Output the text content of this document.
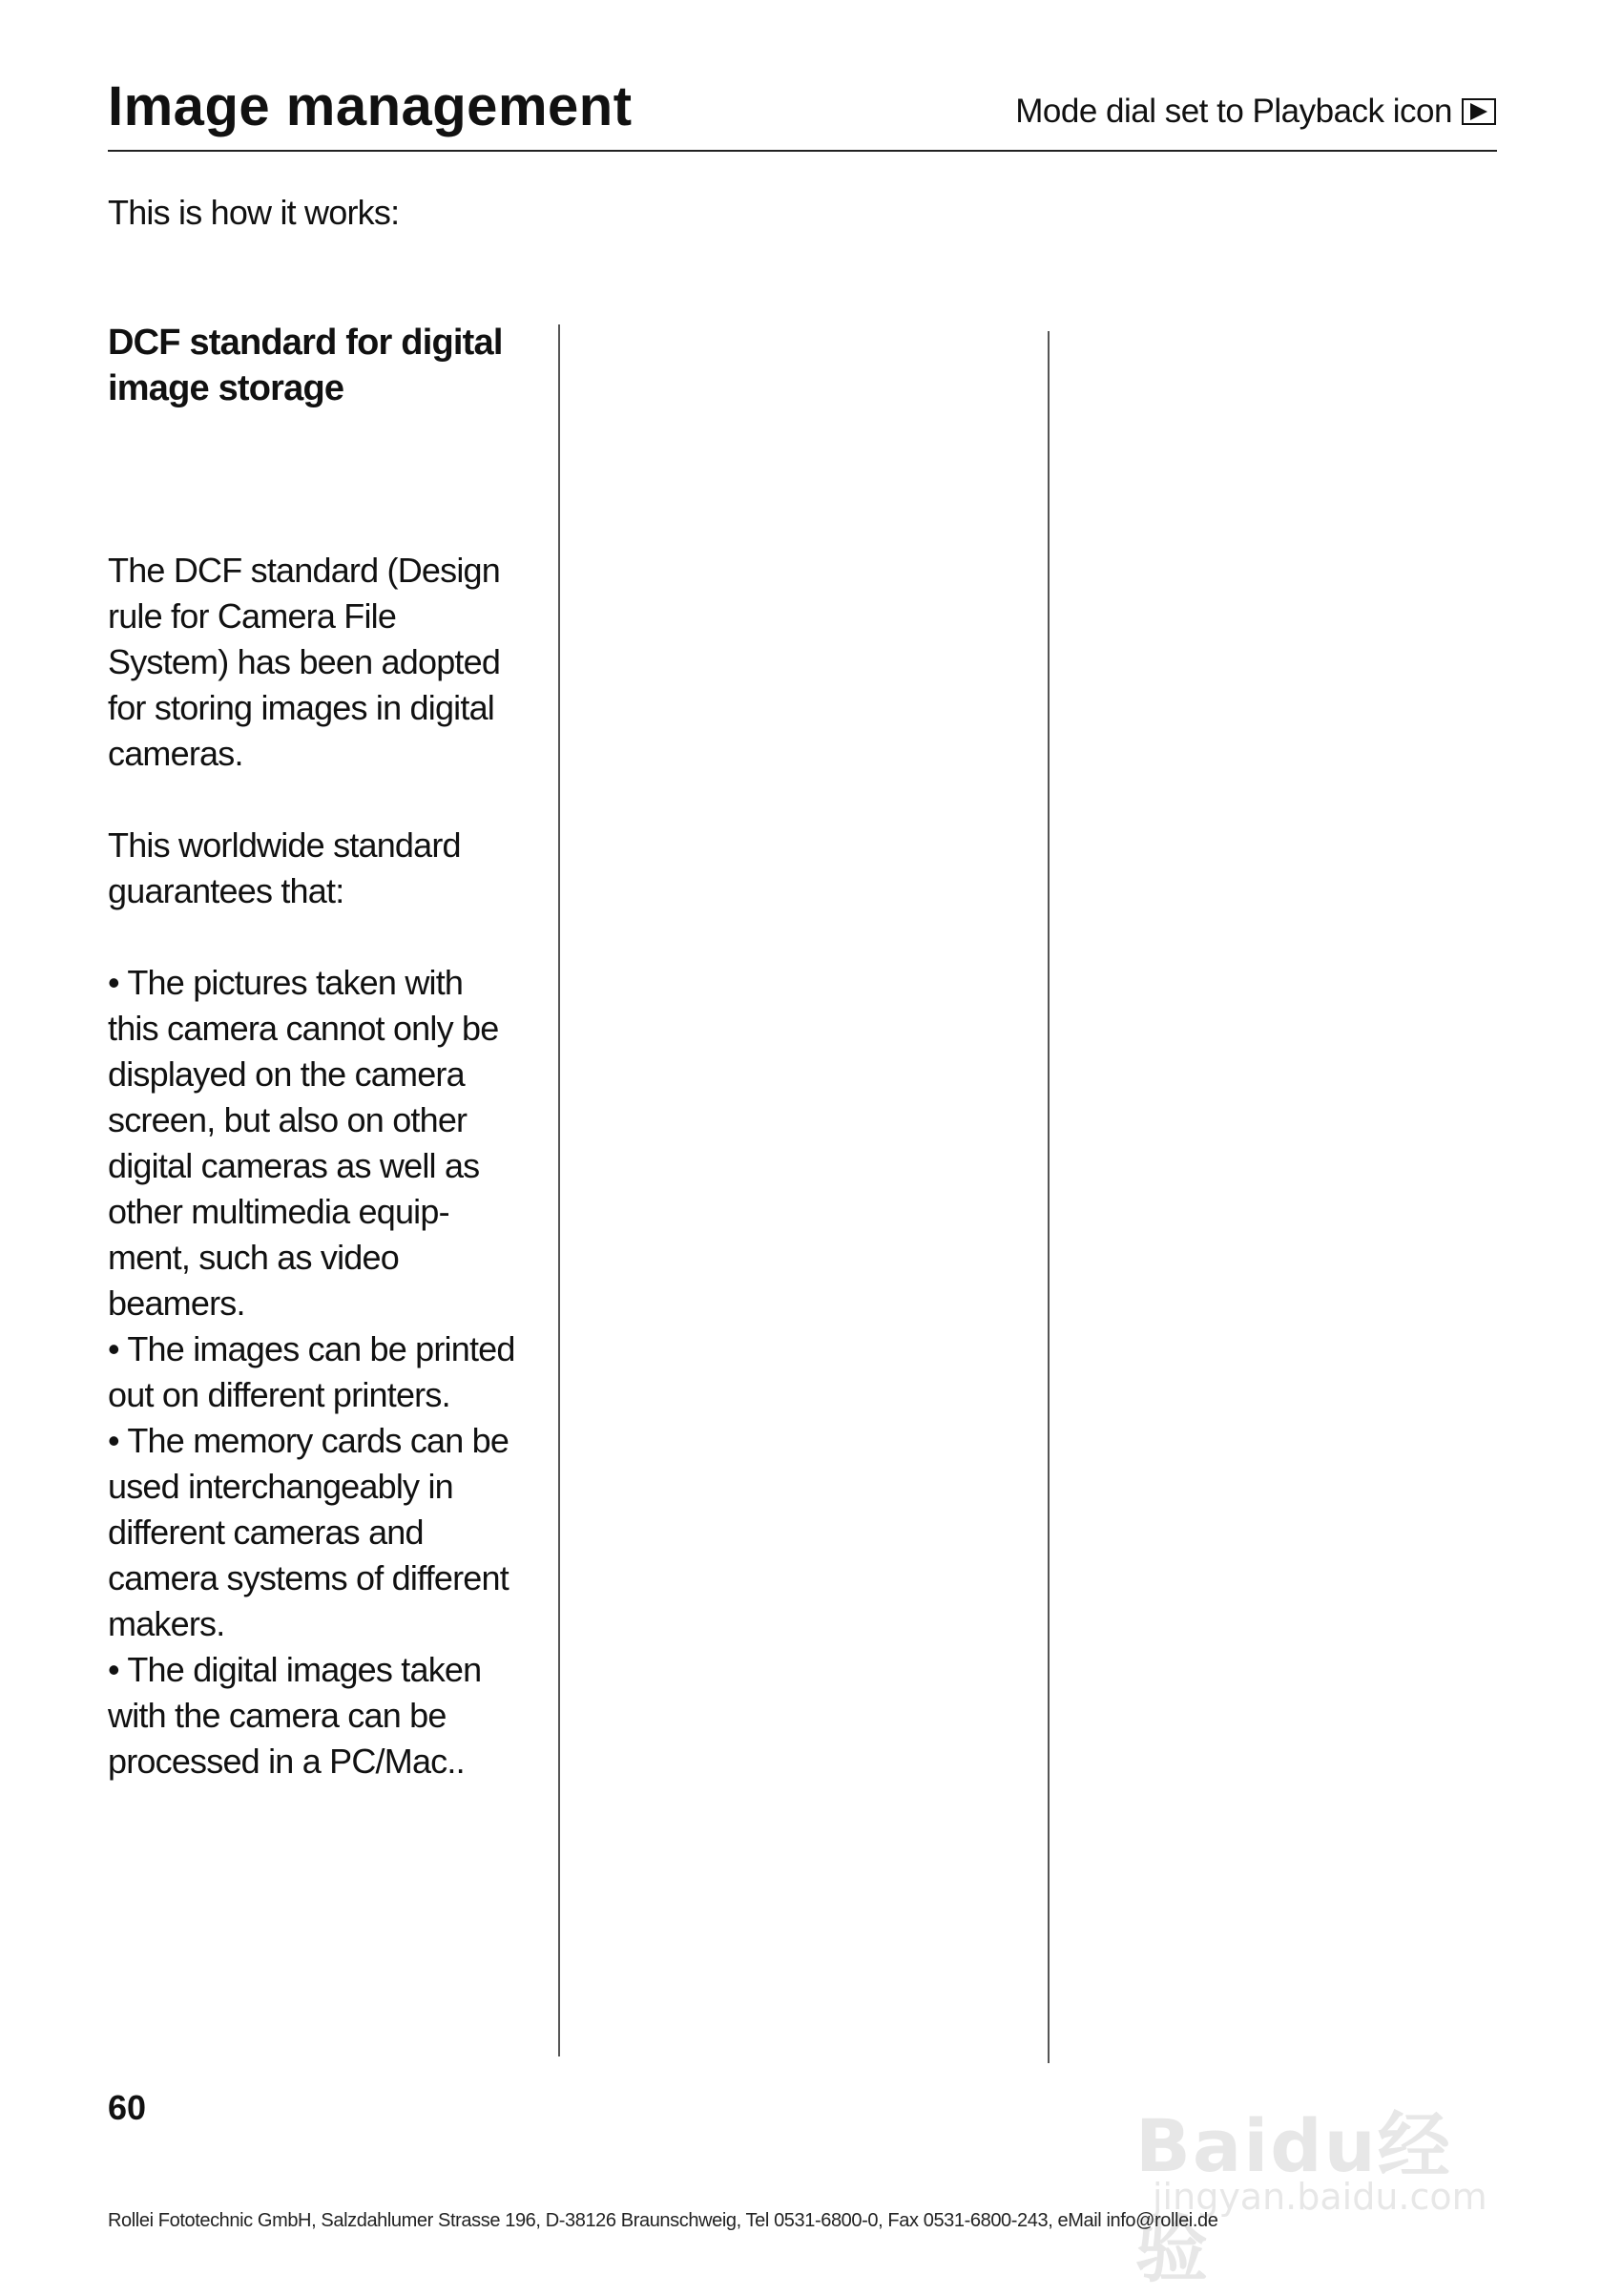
Image management	Mode dial set to Playback icon
This is how it works:

DCF standard for digital
image storage

The DCF standard (Design rule for Camera File System) has been adopted for storing images in digital cameras.

This worldwide standard guarantees that:

• The pictures taken with this camera cannot only be displayed on the camera screen, but also on other digital cameras as well as other multimedia equip-ment, such as video beamers.
• The images can be printed out on different printers.
• The memory cards can be used interchangeably in different cameras and camera systems of different makers.
• The digital images taken with the camera can be processed in a PC/Mac..
60	Baidu经验
jingyan.baidu.com
Rollei Fototechnic GmbH, Salzdahlumer Strasse 196, D-38126 Braunschweig, Tel 0531-6800-0, Fax 0531-6800-243, eMail info@rollei.de
